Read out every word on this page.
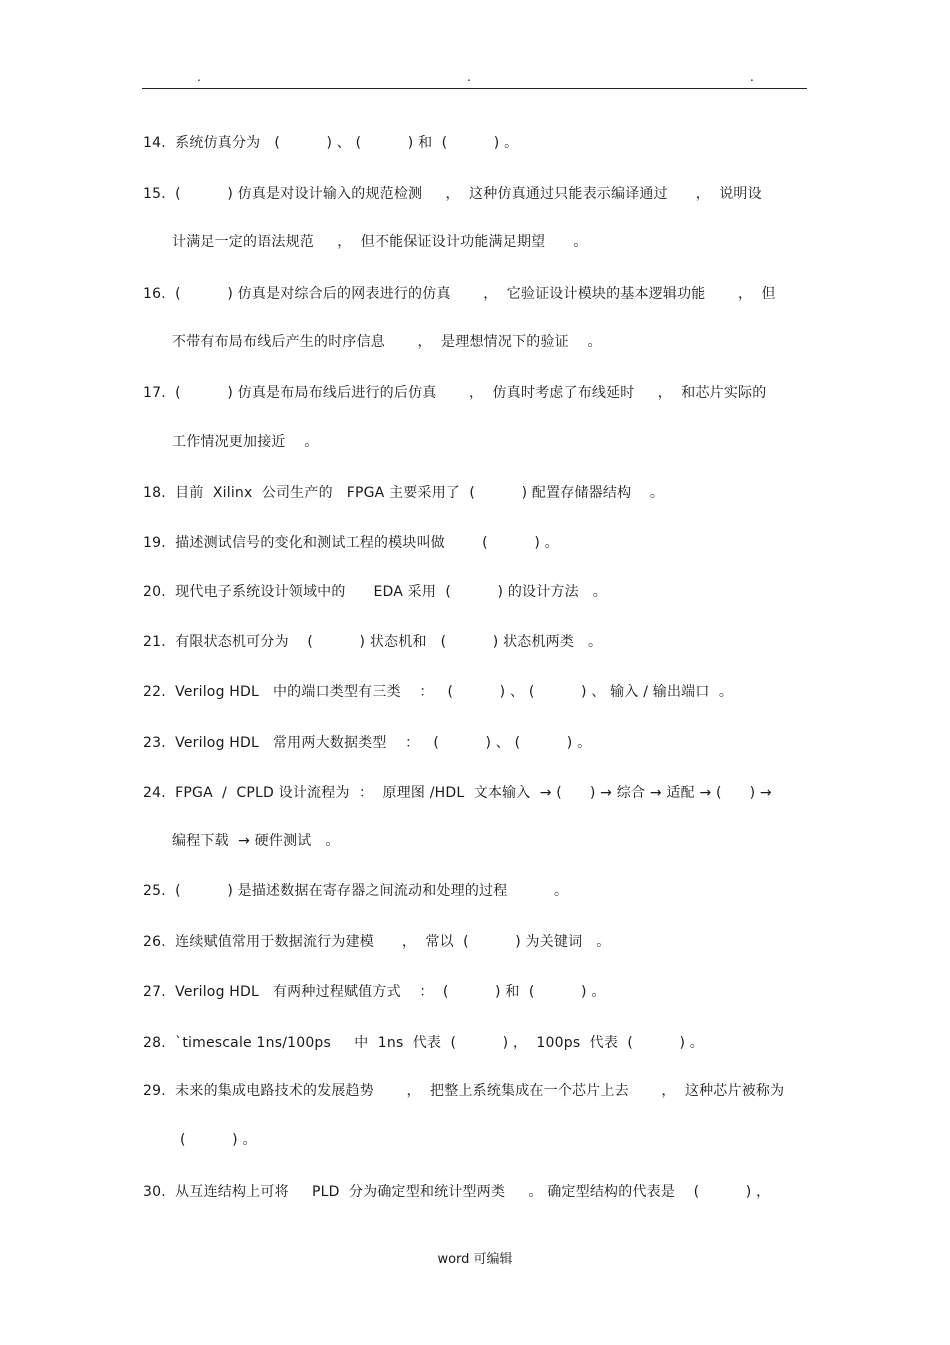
.	.	.
14.  系统仿真分为   (          ) 、 (          ) 和  (          ) 。
15.  (          ) 仿真是对设计输入的规范检测     ，  这种仿真通过只能表示编译通过      ，  说明设
计满足一定的语法规范     ，  但不能保证设计功能满足期望      。
16.  (          ) 仿真是对综合后的网表进行的仿真       ，  它验证设计模块的基本逻辑功能       ，  但
不带有布局布线后产生的时序信息       ，  是理想情况下的验证    。
17.  (          ) 仿真是布局布线后进行的后仿真       ，  仿真时考虑了布线延时     ，  和芯片实际的
工作情况更加接近    。
18.  目前  Xilinx  公司生产的   FPGA 主要采用了  (          ) 配置存储器结构    。
19.  描述测试信号的变化和测试工程的模块叫做        (          ) 。
20.  现代电子系统设计领域中的      EDA 采用  (          ) 的设计方法   。
21.  有限状态机可分为    (          ) 状态机和   (          ) 状态机两类   。
22.  Verilog HDL   中的端口类型有三类    ：   (          ) 、 (          ) 、 输入 / 输出端口  。
23.  Verilog HDL   常用两大数据类型    ：   (          ) 、 (          ) 。
24.  FPGA  /  CPLD 设计流程为  ：  原理图 /HDL  文本输入  → (      ) → 综合 → 适配 → (      ) →
编程下载  → 硬件测试   。
25.  (          ) 是描述数据在寄存器之间流动和处理的过程          。
26.  连续赋值常用于数据流行为建模      ，  常以  (          ) 为关键词   。
27.  Verilog HDL   有两种过程赋值方式    ：  (          ) 和  (          ) 。
28.  `timescale 1ns/100ps     中  1ns  代表  (          ) ，  100ps  代表  (          ) 。
29.  未来的集成电路技术的发展趋势       ，  把整上系统集成在一个芯片上去       ，  这种芯片被称为
(          ) 。
30.  从互连结构上可将     PLD  分为确定型和统计型两类     。 确定型结构的代表是    (          ) ，
word 可编辑
